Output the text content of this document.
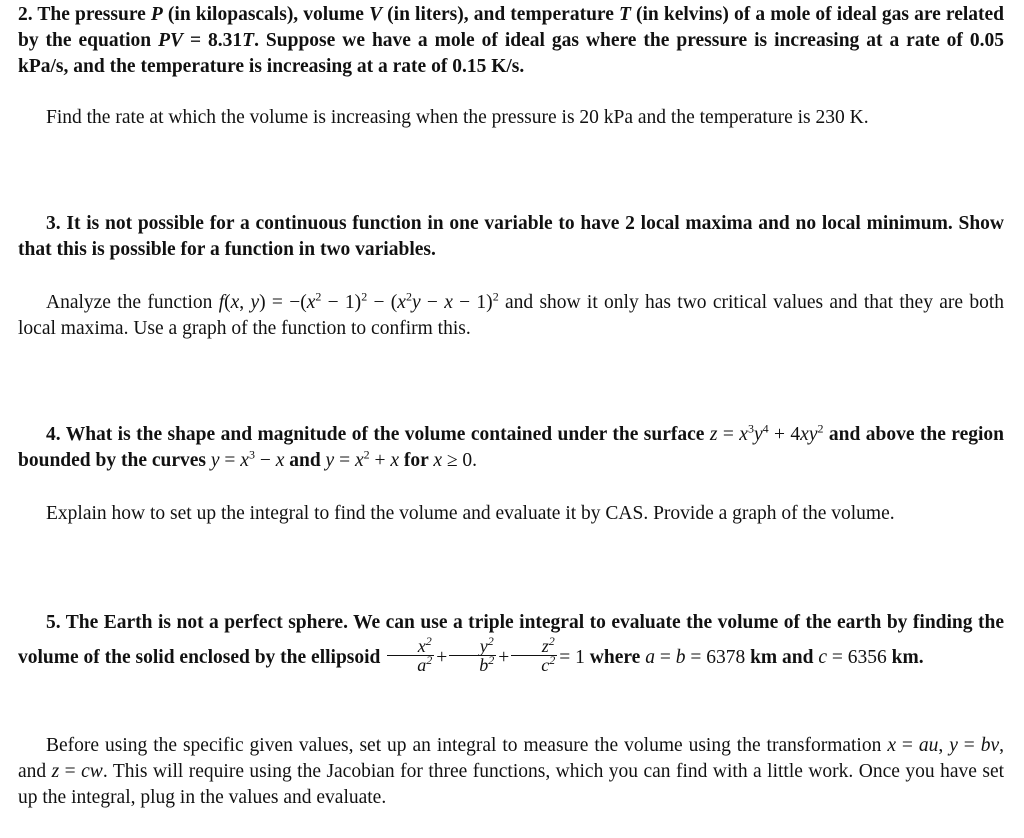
2. The pressure P (in kilopascals), volume V (in liters), and temperature T (in kelvins) of a mole of ideal gas are related by the equation PV = 8.31T. Suppose we have a mole of ideal gas where the pressure is increasing at a rate of 0.05 kPa/s, and the temperature is increasing at a rate of 0.15 K/s.
Find the rate at which the volume is increasing when the pressure is 20 kPa and the temperature is 230 K.
3. It is not possible for a continuous function in one variable to have 2 local maxima and no local minimum. Show that this is possible for a function in two variables.
Analyze the function f(x, $y) = -(x^2 - 1)^2 - (x^2y - x - 1)^2$ and show it only has two critical values and that they are both local maxima. Use a graph of the function to confirm this.
4. What is the shape and magnitude of the volume contained under the surface $z = x^3y^4 + 4xy^2$ and above the region bounded by the curves $y = x^3 - x$ and $y = x^2 + x$ for x ≥ 0.
Explain how to set up the integral to find the volume and evaluate it by CAS. Provide a graph of the volume.
5. The Earth is not a perfect sphere. We can use a triple integral to evaluate the volume of the earth by finding the volume of the solid enclosed by the ellipsoid $\frac{x^2}{a^2} + \frac{y^2}{b^2} + \frac{z^2}{c^2} = 1$ where a = b = 6378 km and c = 6356 km.
Before using the specific given values, set up an integral to measure the volume using the transformation x = au, y = bv, and z = cw. This will require using the Jacobian for three functions, which you can find with a little work. Once you have set up the integral, plug in the values and evaluate.
